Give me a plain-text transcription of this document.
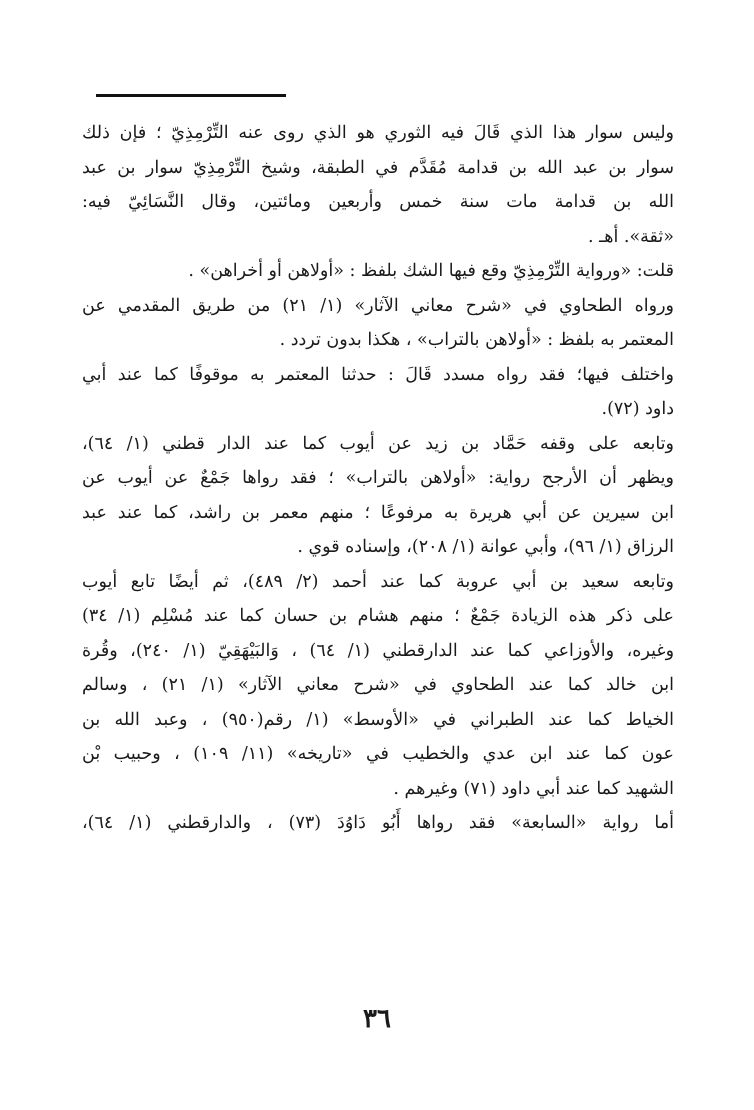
وليس سوار هذا الذي قَالَ فيه الثوري هو الذي روى عنه التِّرْمِذِيّ ؛ فإن ذلك
سوار بن عبد الله بن قدامة مُقَدَّم في الطبقة، وشيخ التِّرْمِذِيّ سوار بن عبد
الله بن قدامة مات سنة خمس وأربعين ومائتين، وقال النَّسَائِيّ فيه:
«ثقة». أهـ .
قلت: «ورواية التِّرْمِذِيّ وقع فيها الشك بلفظ : «أولاهن أو أخراهن» .
ورواه الطحاوي في «شرح معاني الآثار» (١/ ٢١) من طريق المقدمي عن
المعتمر به بلفظ : «أولاهن بالتراب» ، هكذا بدون تردد .
واختلف فيها؛ فقد رواه مسدد قَالَ : حدثنا المعتمر به موقوفًا كما عند أبي
داود (٧٢).
وتابعه على وقفه حَمَّاد بن زيد عن أيوب كما عند الدار قطني (١/ ٦٤)،
ويظهر أن الأرجح رواية: «أولاهن بالتراب» ؛ فقد رواها جَمْعٌ عن أيوب عن
ابن سيرين عن أبي هريرة به مرفوعًا ؛ منهم معمر بن راشد، كما عند عبد
الرزاق (١/ ٩٦)، وأبي عوانة (١/ ٢٠٨)، وإسناده قوي .
وتابعه سعيد بن أبي عروبة كما عند أحمد (٢/ ٤٨٩)، ثم أيضًا تابع أيوب
على ذكر هذه الزيادة جَمْعٌ ؛ منهم هشام بن حسان كما عند مُسْلِم (١/ ٣٤)
وغيره، والأوزاعي كما عند الدارقطني (١/ ٦٤) ، وَالبَيْهَقِيّ (١/ ٢٤٠)، وقُرة
ابن خالد كما عند الطحاوي في «شرح معاني الآثار» (١/ ٢١) ، وسالم
الخياط كما عند الطبراني في «الأوسط» (١/ رقم(٩٥٠) ، وعبد الله بن
عون كما عند ابن عدي والخطيب في «تاريخه» (١١/ ١٠٩) ، وحبيب بْن
الشهيد كما عند أبي داود (٧١) وغيرهم .
أما رواية «السابعة» فقد رواها أَبُو دَاوُدَ (٧٣) ، والدارقطني (١/ ٦٤)،
٣٦
